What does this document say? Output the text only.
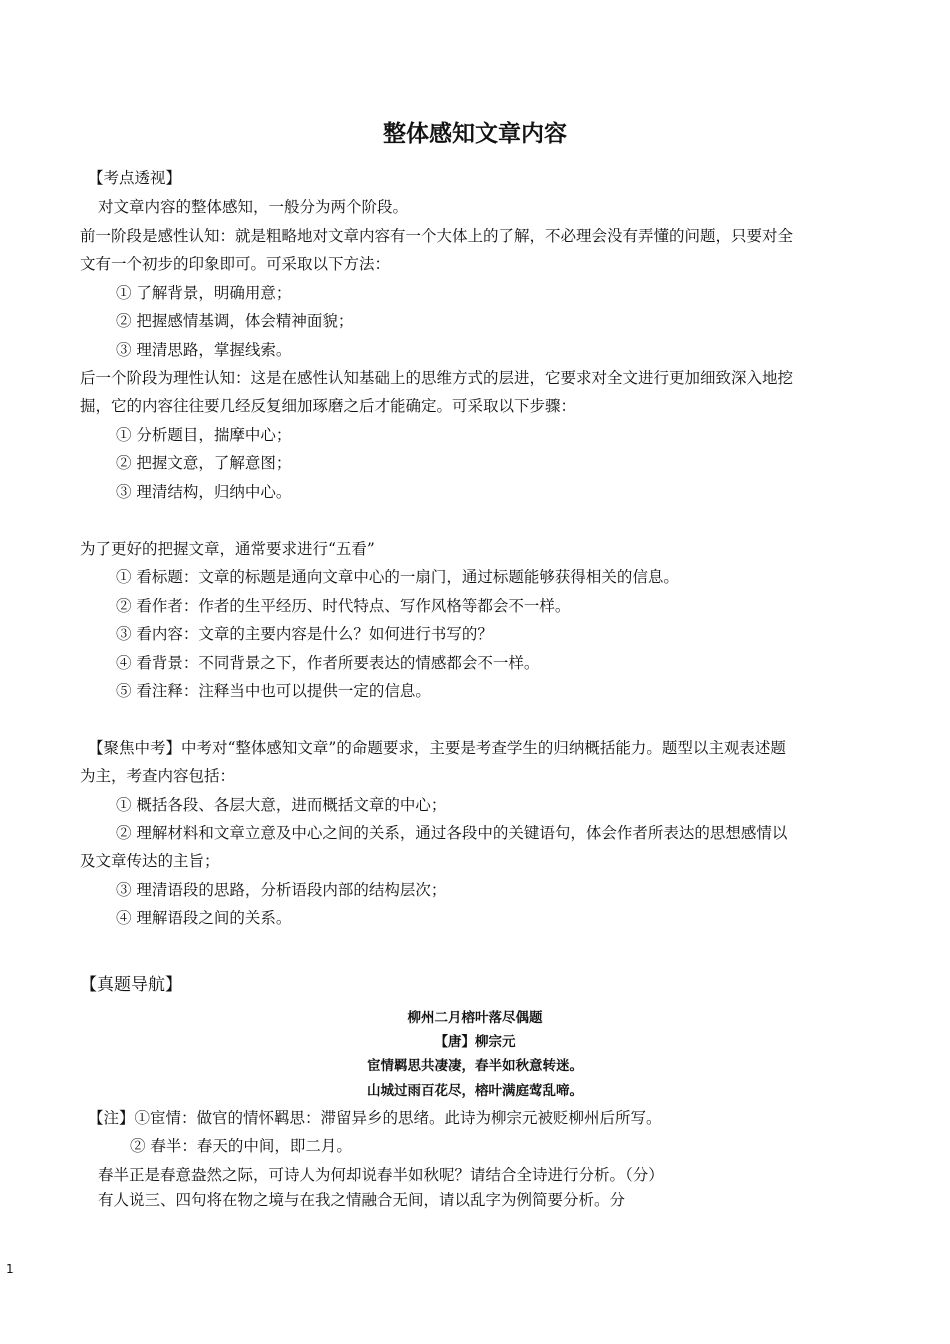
整体感知文章内容
【考点透视】
对文章内容的整体感知，一般分为两个阶段。
前一阶段是感性认知：就是粗略地对文章内容有一个大体上的了解，不必理会没有弄懂的问题，只要对全
文有一个初步的印象即可。可采取以下方法：
① 了解背景，明确用意；
② 把握感情基调，体会精神面貌；
③ 理清思路，掌握线索。
后一个阶段为理性认知：这是在感性认知基础上的思维方式的层进，它要求对全文进行更加细致深入地挖
掘，它的内容往往要几经反复细加琢磨之后才能确定。可采取以下步骤：
① 分析题目，揣摩中心；
② 把握文意，了解意图；
③ 理清结构，归纳中心。
为了更好的把握文章，通常要求进行“五看”
① 看标题：文章的标题是通向文章中心的一扇门，通过标题能够获得相关的信息。
② 看作者：作者的生平经历、时代特点、写作风格等都会不一样。
③ 看内容：文章的主要内容是什么？如何进行书写的？
④ 看背景：不同背景之下，作者所要表达的情感都会不一样。
⑤ 看注释：注释当中也可以提供一定的信息。
【聚焦中考】中考对“整体感知文章”的命题要求，主要是考查学生的归纳概括能力。题型以主观表述题
为主，考查内容包括：
① 概括各段、各层大意，进而概括文章的中心；
② 理解材料和文章立意及中心之间的关系，通过各段中的关键语句，体会作者所表达的思想感情以
及文章传达的主旨；
③ 理清语段的思路，分析语段内部的结构层次；
④ 理解语段之间的关系。
【真题导航】
柳州二月榕叶落尽偶题
【唐】柳宗元
宦情羁思共凄凄，春半如秋意转迷。
山城过雨百花尽，榕叶满庭莺乱啼。
【注】①宦情：做官的情怀羁思：滞留异乡的思绪。此诗为柳宗元被贬柳州后所写。
② 春半：春天的中间，即二月。
春半正是春意盎然之际，可诗人为何却说春半如秋呢？请结合全诗进行分析。（分）
有人说三、四句将在物之境与在我之情融合无间，请以乱字为例简要分析。分
1
